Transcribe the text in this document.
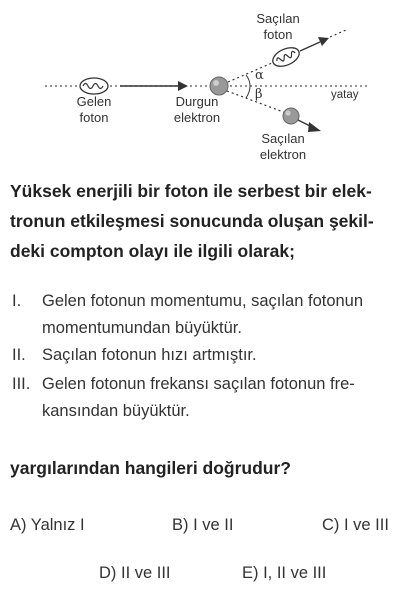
α
β	yatay
Gelen
foton
Durgun
elektron
Saçılan
foton
Saçılan
elektron
Yüksek enerjili bir foton ile serbest bir elek-
tronun etkileşmesi sonucunda oluşan şekil-
deki compton olayı ile ilgili olarak;
I. Gelen fotonun momentumu, saçılan fotonun
momentumundan büyüktür.
II. Saçılan fotonun hızı artmıştır.
III. Gelen fotonun frekansı saçılan fotonun fre-
kansından büyüktür.
yargılarından hangileri doğrudur?
A) Yalnız I	B) I ve II	C) I ve III
D) II ve III	E) I, II ve III
